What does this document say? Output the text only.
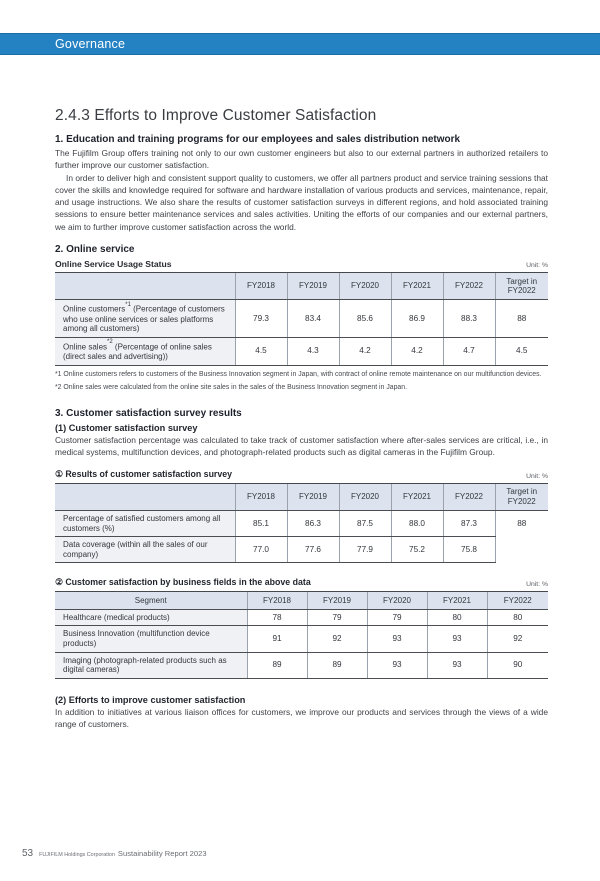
Governance
2.4.3 Efforts to Improve Customer Satisfaction
1. Education and training programs for our employees and sales distribution network

The Fujifilm Group offers training not only to our own customer engineers but also to our external partners in authorized retailers to further improve our customer satisfaction.

In order to deliver high and consistent support quality to customers, we offer all partners product and service training sessions that cover the skills and knowledge required for software and hardware installation of various products and services, maintenance, repair, and usage instructions. We also share the results of customer satisfaction surveys in different regions, and hold associated training sessions to ensure better maintenance services and sales activities. Uniting the efforts of our companies and our external partners, we aim to further improve customer satisfaction across the world.

2. Online service
Online Service Usage Status	Unit: %
	FY2018	FY2019	FY2020	FY2021	FY2022	Target in FY2022
Online customers$^{*1}$ (Percentage of customers who use online services or sales platforms among all customers)	79.3	83.4	85.6	86.9	88.3	88
Online sales$^{*2}$ (Percentage of online sales (direct sales and advertising))	4.5	4.3	4.2	4.2	4.7	4.5

*1 Online customers refers to customers of the Business Innovation segment in Japan, with contract of online remote maintenance on our multifunction devices.

*2 Online sales were calculated from the online site sales in the sales of the Business Innovation segment in Japan.

3. Customer satisfaction survey results
(1) Customer satisfaction survey

Customer satisfaction percentage was calculated to take track of customer satisfaction where after-sales services are critical, i.e., in medical systems, multifunction devices, and photograph-related products such as digital cameras in the Fujifilm Group.

① Results of customer satisfaction survey	Unit: %
	FY2018	FY2019	FY2020	FY2021	FY2022	Target in FY2022
Percentage of satisfied customers among all customers (%)	85.1	86.3	87.5	88.0	87.3	88
Data coverage (within all the sales of our company)	77.0	77.6	77.9	75.2	75.8	
② Customer satisfaction by business fields in the above data	Unit: %
Segment	FY2018	FY2019	FY2020	FY2021	FY2022
Healthcare (medical products)	78	79	79	80	80
Business Innovation (multifunction device products)	91	92	93	93	92
Imaging (photograph-related products such as digital cameras)	89	89	93	93	90
(2) Efforts to improve customer satisfaction

In addition to initiatives at various liaison offices for customers, we improve our products and services through the views of a wide range of customers.

53 FUJIFILM Holdings Corporation Sustainability Report 2023
